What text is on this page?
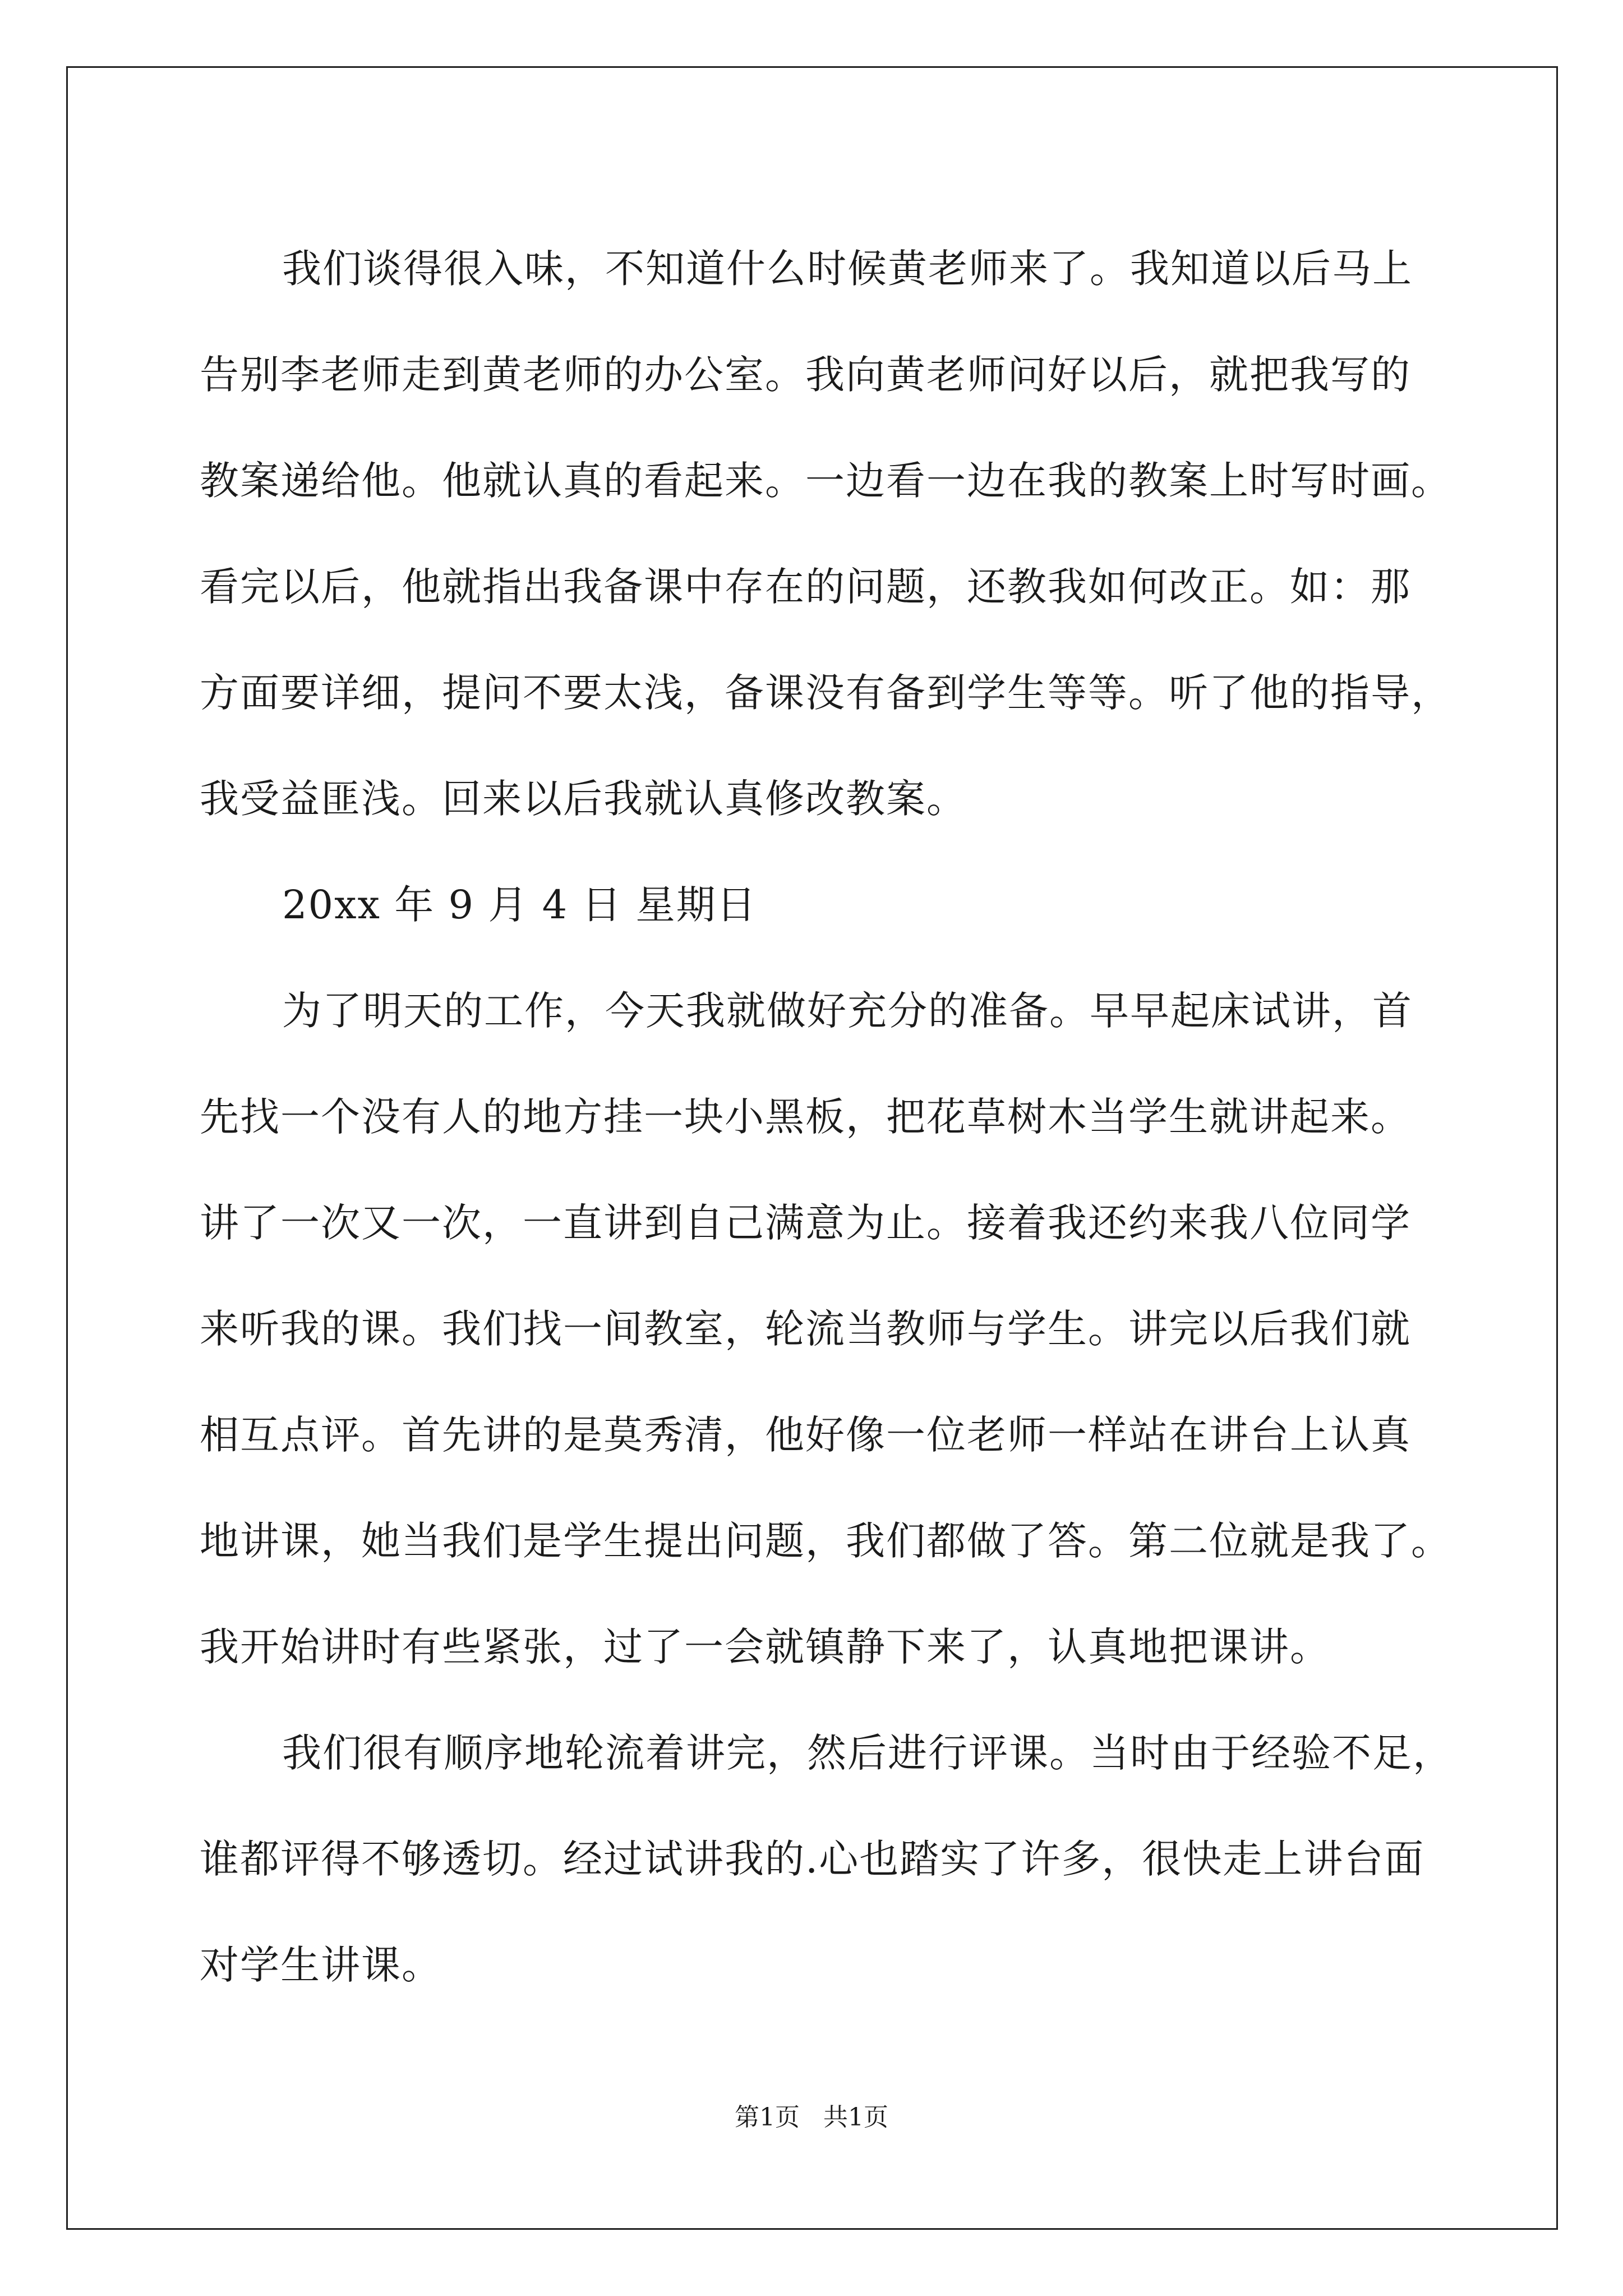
我们谈得很入味，不知道什么时候黄老师来了。我知道以后马上
告别李老师走到黄老师的办公室。我向黄老师问好以后，就把我写的
教案递给他。他就认真的看起来。一边看一边在我的教案上时写时画。
看完以后，他就指出我备课中存在的问题，还教我如何改正。如：那
方面要详细，提问不要太浅，备课没有备到学生等等。听了他的指导，
我受益匪浅。回来以后我就认真修改教案。
20xx 年 9 月 4 日 星期日
为了明天的工作，今天我就做好充分的准备。早早起床试讲，首
先找一个没有人的地方挂一块小黑板，把花草树木当学生就讲起来。
讲了一次又一次，一直讲到自己满意为止。接着我还约来我八位同学
来听我的课。我们找一间教室，轮流当教师与学生。讲完以后我们就
相互点评。首先讲的是莫秀清，他好像一位老师一样站在讲台上认真
地讲课，她当我们是学生提出问题，我们都做了答。第二位就是我了。
我开始讲时有些紧张，过了一会就镇静下来了，认真地把课讲。
我们很有顺序地轮流着讲完，然后进行评课。当时由于经验不足，
谁都评得不够透切。经过试讲我的.心也踏实了许多，很快走上讲台面
对学生讲课。
第1页   共1页
